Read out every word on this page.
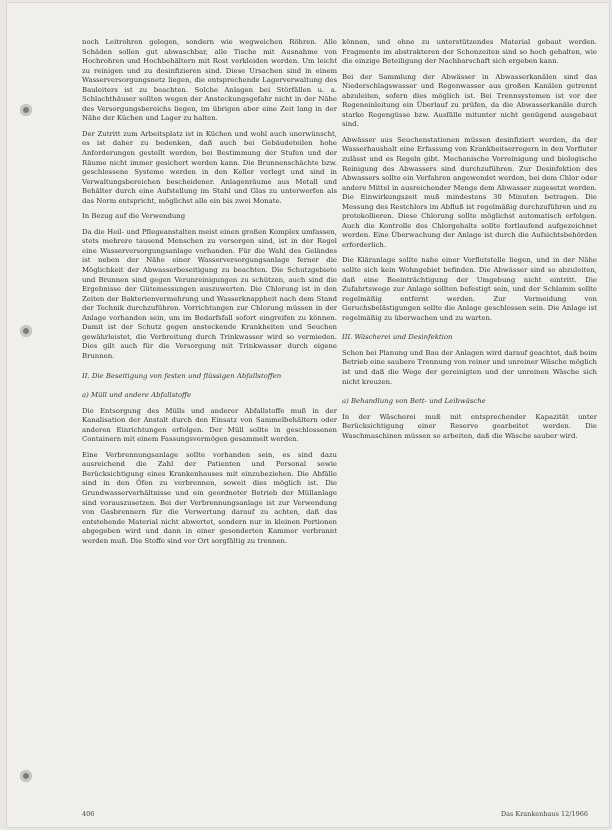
noch Leitrohren gelegen, sondern wie wegweichen Röhren. Alle Schäden sollen gut abwaschbar, alle Tische mit Ausnahme von Hochrohren und Hochbehältern mit Rost verkleiden werden. Um leicht zu reinigen und zu desinfizieren sind. Diese Ursachen sind in einem Wasserversorgungsnetz liegen, die entsprechende Lagerverwaltung des Bauleiters ist zu beachten. Solche Anlagen bei Störfällen u. a. Schlachthäuser sollten wegen der Ansteckungsgefahr nicht in der Nähe des Versorgungsbereichs liegen, im übrigen aber eine Zeit lang in der Nähe der Küchen und Lager zu halten.

Der Zutritt zum Arbeitsplatz ist in Küchen und wohl auch unerwünscht, es ist daher zu bedenken, daß auch bei Gebäudeteilen hohe Anforderungen gestellt werden, bei Bestimmung der Stufen und der Räume nicht immer gesichert werden kann. Die Brunnenschächte bzw. geschlossene Systeme werden in den Keller verlegt und sind in Verwaltungsbereichen bescheidener. Anlagenräume aus Metall und Behälter durch eine Aufstellung im Stahl und Glas zu unterwerfen als das Norm entspricht, möglichst alle ein bis zwei Monate.

In Bezug auf die Verwendung

Da die Heil- und Pflegeanstalten meist einen großen Komplex umfassen, stets mehrere tausend Menschen zu versorgen sind, ist in der Regel eine Wasserversorgungsanlage vorhanden. Für die Wahl des Geländes ist neben der Nähe einer Wasserversorgungsanlage ferner die Möglichkeit der Abwasserbeseitigung zu beachten. Die Schutzgebiete und Brunnen sind gegen Verunreinigungen zu schützen, auch sind die Ergebnisse der Gütemessungen auszuwerten. Die Chlorung ist in den Zeiten der Bakterienvermehrung und Wasserknappheit nach dem Stand der Technik durchzuführen. Vorrichtungen zur Chlorung müssen in der Anlage vorhanden sein, um im Bedarfsfall sofort eingreifen zu können. Damit ist der Schutz gegen ansteckende Krankheiten und Seuchen gewährleistet, die Verbreitung durch Trinkwasser wird so vermieden. Dies gilt auch für die Versorgung mit Trinkwasser durch eigene Brunnen.

II. Die Beseitigung von festen und flüssigen Abfallstoffen

a) Müll und andere Abfallstoffe

Die Entsorgung des Mülls und anderer Abfallstoffe muß in der Kanalisation der Anstalt durch den Einsatz von Sammelbehältern oder anderen Einrichtungen erfolgen. Der Müll sollte in geschlossenen Containern mit einem Fassungsvermögen gesammelt werden.

Eine Verbrennungsanlage sollte vorhanden sein, es sind dazu ausreichend die Zahl der Patienten und Personal sowie Berücksichtigung eines Krankenhauses mit einzubeziehen. Die Abfälle sind in den Öfen zu verbrennen, soweit dies möglich ist. Die Grundwasserverhältnisse und ein geordneter Betrieb der Müllanlage sind vorauszusetzen. Bei der Verbrennungsanlage ist zur Verwendung von Gasbrennern für die Verwertung darauf zu achten, daß das entstehende Material nicht abwertet, sondern nur in kleinen Portionen abgegeben wird und dann in einer gesonderten Kammer verbrannt werden muß. Die Stoffe sind vor Ort sorgfältig zu trennen.

können, und ohne zu unterstützendes Material gebaut werden. Fragmente im abstrakteren der Schonzeiten sind so hoch gehalten, wie die einzige Beteiligung der Nachbarschaft sich ergeben kann.

Bei der Sammlung der Abwässer in Abwasserkanälen sind das Niederschlagswasser und Regenwasser aus großen Kanälen getrennt abzuleiten, sofern dies möglich ist. Bei Trennsystemen ist vor der Regeneinleitung ein Überlauf zu prüfen, da die Abwasserkanäle durch starke Regengüsse bzw. Ausfälle mitunter nicht genügend ausgebaut sind.

Abwässer aus Seuchenstationen müssen desinfiziert werden, da der Wasserhaushalt eine Erfassung von Krankheitserregern in den Vorfluter zulässt und es Regeln gibt. Mechanische Vorreinigung und biologische Reinigung des Abwassers sind durchzuführen. Zur Desinfektion des Abwassers sollte ein Verfahren angewendet werden, bei dem Chlor oder andere Mittel in ausreichender Menge dem Abwasser zugesetzt werden. Die Einwirkungszeit muß mindestens 30 Minuten betragen. Die Messung des Restchlors im Abfluß ist regelmäßig durchzuführen und zu protokollieren. Diese Chlorung sollte möglichst automatisch erfolgen. Auch die Kontrolle des Chlorgehalts sollte fortlaufend aufgezeichnet werden. Eine Überwachung der Anlage ist durch die Aufsichtsbehörden erforderlich.

Die Kläranlage sollte nahe einer Vorflutstelle liegen, und in der Nähe sollte sich kein Wohngebiet befinden. Die Abwässer sind so abzuleiten, daß eine Beeinträchtigung der Umgebung nicht eintritt. Die Zufahrtswege zur Anlage sollten befestigt sein, und der Schlamm sollte regelmäßig entfernt werden. Zur Vermeidung von Geruchsbelästigungen sollte die Anlage geschlossen sein. Die Anlage ist regelmäßig zu überwachen und zu warten.

III. Wäscherei und Desinfektion

Schon bei Planung und Bau der Anlagen wird darauf geachtet, daß beim Betrieb eine saubere Trennung von reiner und unreiner Wäsche möglich ist und daß die Wege der gereinigten und der unreinen Wäsche sich nicht kreuzen.

a) Behandlung von Bett- und Leibwäsche

In der Wäscherei muß mit entsprechender Kapazität unter Berücksichtigung einer Reserve gearbeitet werden. Die Waschmaschinen müssen so arbeiten, daß die Wäsche sauber wird.

406	Das Krankenhaus 12/1966
